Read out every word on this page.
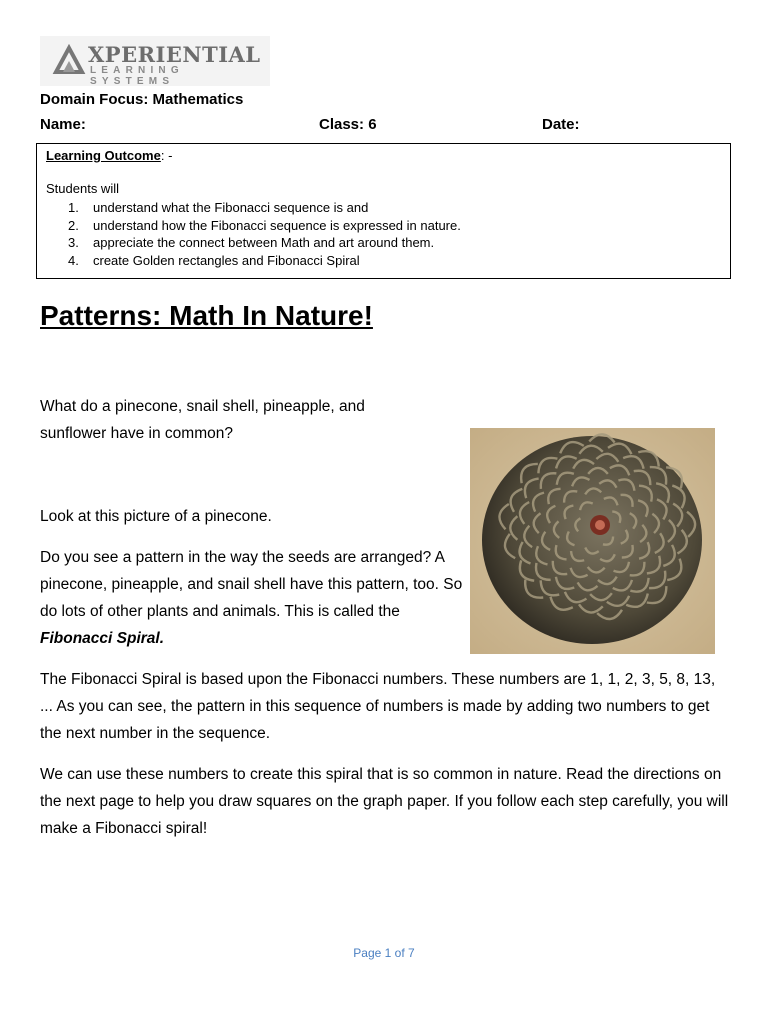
XPERIENTIAL
LEARNING SYSTEMS
Domain Focus: Mathematics
Name:	Class: 6	Date:
Learning Outcome: -
Students will
1. understand what the Fibonacci sequence is and
2. understand how the Fibonacci sequence is expressed in nature.
3. appreciate the connect between Math and art around them.
4. create Golden rectangles and Fibonacci Spiral
Patterns: Math In Nature!
What do a pinecone, snail shell, pineapple, and sunflower have in common?
Look at this picture of a pinecone.
Do you see a pattern in the way the seeds are arranged? A pinecone, pineapple, and snail shell have this pattern, too. So do lots of other plants and animals. This is called the Fibonacci Spiral.
The Fibonacci Spiral is based upon the Fibonacci numbers. These numbers are 1, 1, 2, 3, 5, 8, 13, ... As you can see, the pattern in this sequence of numbers is made by adding two numbers to get the next number in the sequence.
We can use these numbers to create this spiral that is so common in nature. Read the directions on the next page to help you draw squares on the graph paper. If you follow each step carefully, you will make a Fibonacci spiral!
Page 1 of 7
